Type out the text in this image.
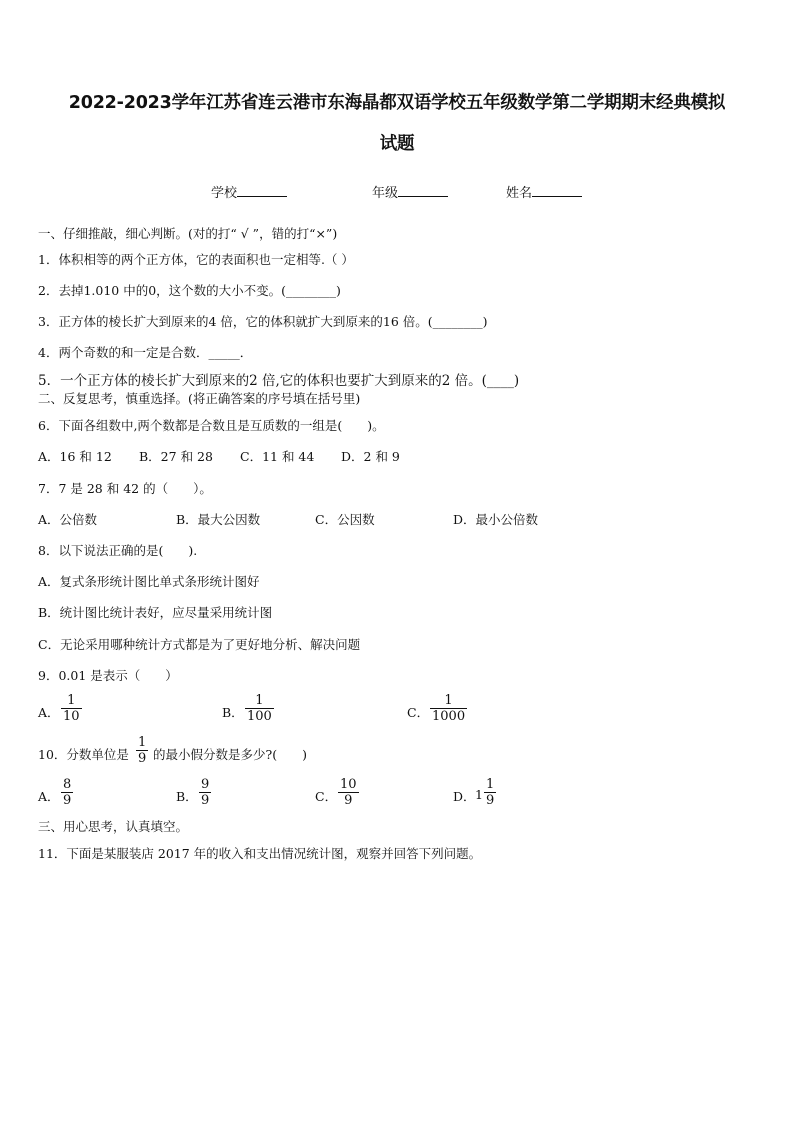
2022-2023学年江苏省连云港市东海晶都双语学校五年级数学第二学期期末经典模拟
试题
学校	年级	姓名
一、仔细推敲，细心判断。(对的打“ √ ”，错的打“×”)
1．体积相等的两个正方体，它的表面积也一定相等.（ ）
2．去掉1.010 中的0，这个数的大小不变。(________)
3．正方体的棱长扩大到原来的4 倍，它的体积就扩大到原来的16 倍。(________)
4．两个奇数的和一定是合数．_____．
5．一个正方体的棱长扩大到原来的2 倍,它的体积也要扩大到原来的2 倍。(____)
二、反复思考，慎重选择。(将正确答案的序号填在括号里)
6．下面各组数中,两个数都是合数且是互质数的一组是(　　)。
A．16 和 12 B．27 和 28 C．11 和 44 D．2 和 9
7．7 是 28 和 42 的（　　）。
A．公倍数	B．最大公因数	C．公因数	D．最小公倍数
8．以下说法正确的是(　　).
A．复式条形统计图比单式条形统计图好
B．统计图比统计表好，应尽量采用统计图
C．无论采用哪种统计方式都是为了更好地分析、解决问题
9．0.01 是表示（　　）
A．
1
10	B．
1
100	C．
1
1000
10．分数单位是
1
9 的最小假分数是多少?(　　)
A．
8
9	B．
9
9	C．
10
9	D． 1
1
9
三、用心思考，认真填空。
11．下面是某服装店 2017 年的收入和支出情况统计图，观察并回答下列问题。
